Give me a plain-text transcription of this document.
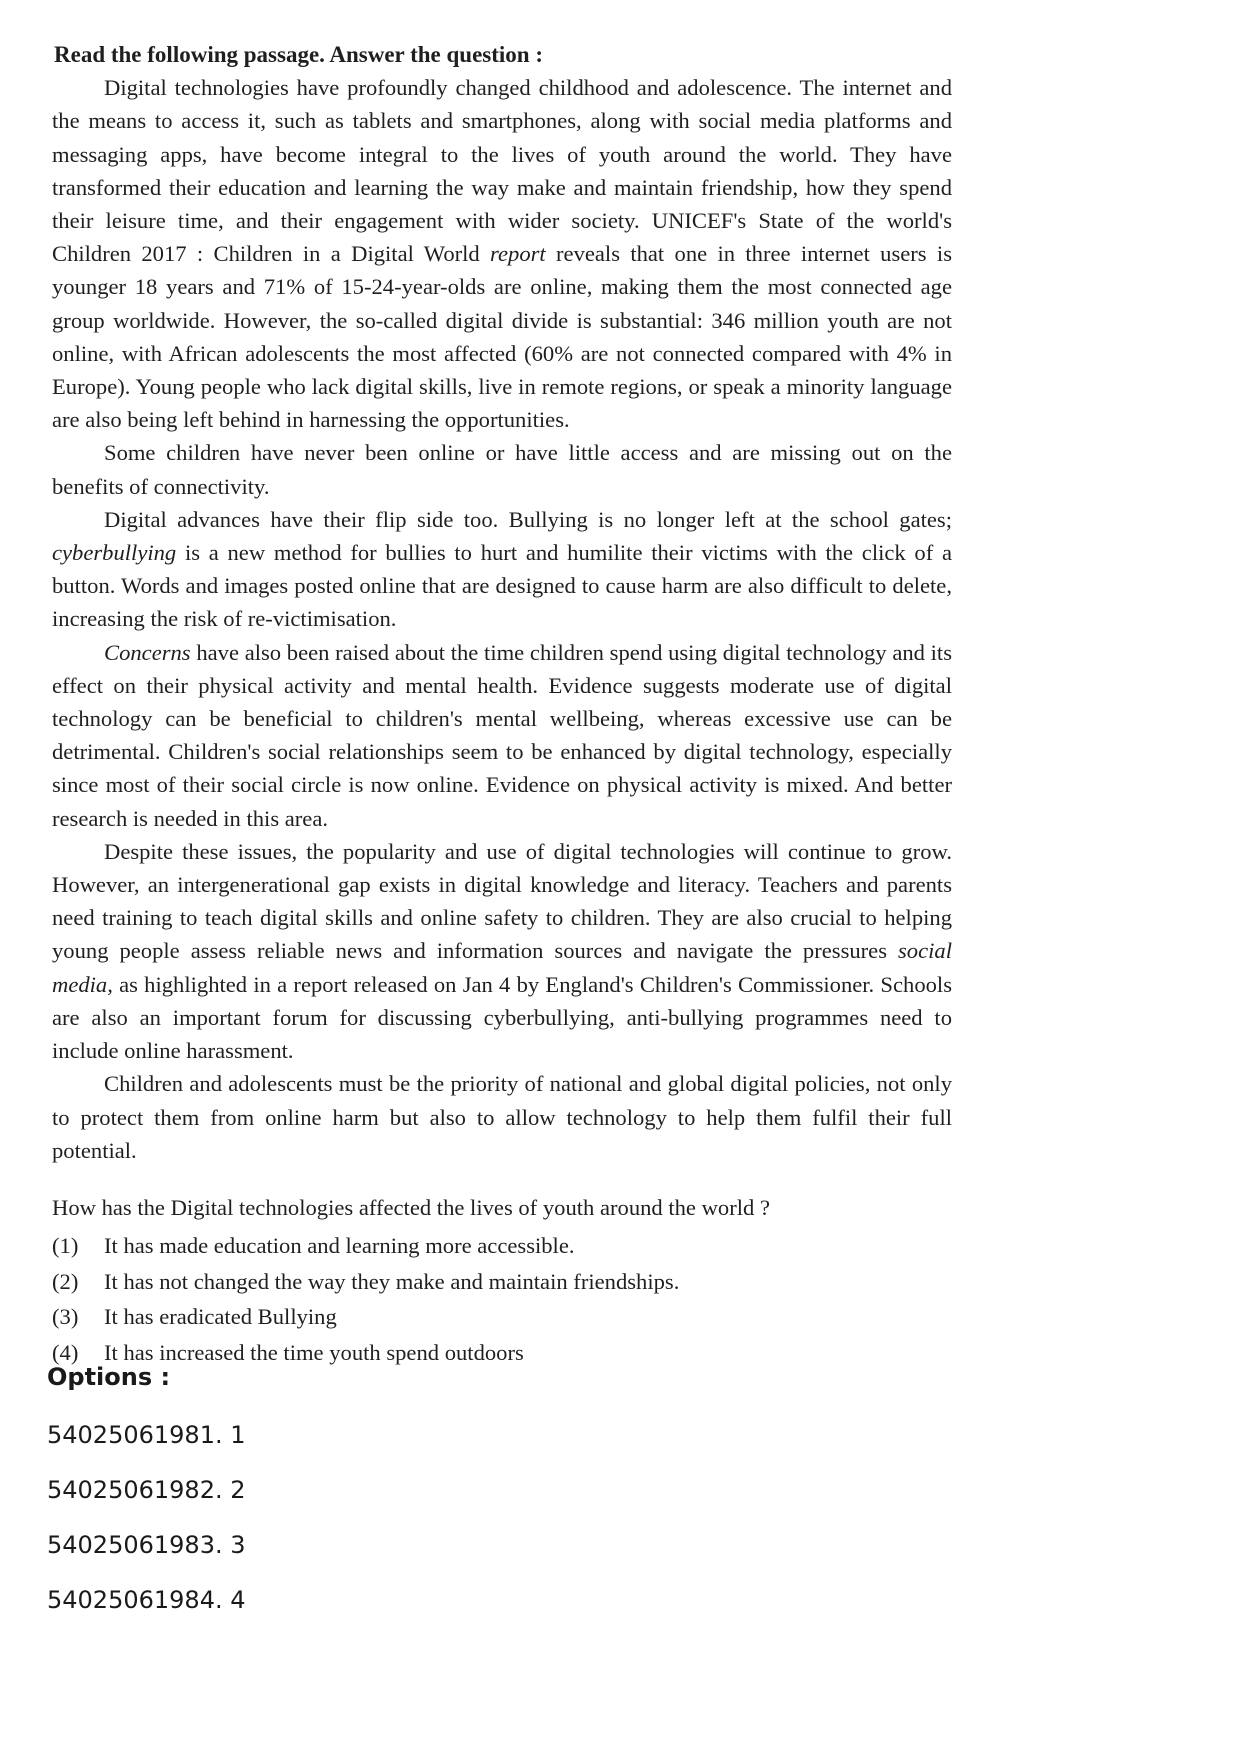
Read the following passage. Answer the question :

Digital technologies have profoundly changed childhood and adolescence. The internet and the means to access it, such as tablets and smartphones, along with social media platforms and messaging apps, have become integral to the lives of youth around the world. They have transformed their education and learning the way make and maintain friendship, how they spend their leisure time, and their engagement with wider society. UNICEF's State of the world's Children 2017 : Children in a Digital World report reveals that one in three internet users is younger 18 years and 71% of 15-24-year-olds are online, making them the most connected age group worldwide. However, the so-called digital divide is substantial: 346 million youth are not online, with African adolescents the most affected (60% are not connected compared with 4% in Europe). Young people who lack digital skills, live in remote regions, or speak a minority language are also being left behind in harnessing the opportunities.

Some children have never been online or have little access and are missing out on the benefits of connectivity.

Digital advances have their flip side too. Bullying is no longer left at the school gates; cyberbullying is a new method for bullies to hurt and humilite their victims with the click of a button. Words and images posted online that are designed to cause harm are also difficult to delete, increasing the risk of re-victimisation.

Concerns have also been raised about the time children spend using digital technology and its effect on their physical activity and mental health. Evidence suggests moderate use of digital technology can be beneficial to children's mental wellbeing, whereas excessive use can be detrimental. Children's social relationships seem to be enhanced by digital technology, especially since most of their social circle is now online. Evidence on physical activity is mixed. And better research is needed in this area.

Despite these issues, the popularity and use of digital technologies will continue to grow. However, an intergenerational gap exists in digital knowledge and literacy. Teachers and parents need training to teach digital skills and online safety to children. They are also crucial to helping young people assess reliable news and information sources and navigate the pressures social media, as highlighted in a report released on Jan 4 by England's Children's Commissioner. Schools are also an important forum for discussing cyberbullying, anti-bullying programmes need to include online harassment.

Children and adolescents must be the priority of national and global digital policies, not only to protect them from online harm but also to allow technology to help them fulfil their full potential.

How has the Digital technologies affected the lives of youth around the world ?

(1)	It has made education and learning more accessible.
(2)	It has not changed the way they make and maintain friendships.
(3)	It has eradicated Bullying
(4)	It has increased the time youth spend outdoors
Options :
54025061981. 1
54025061982. 2
54025061983. 3
54025061984. 4
